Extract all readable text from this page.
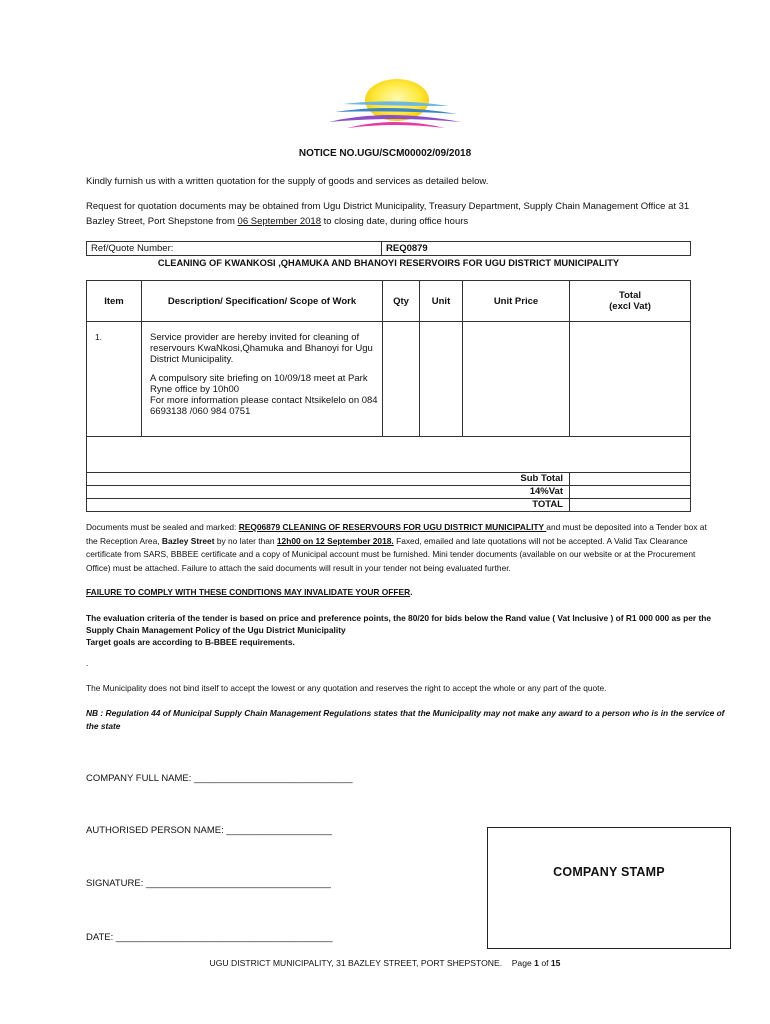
NOTICE NO.UGU/SCM00002/09/2018
Kindly furnish us with a written quotation for the supply of goods and services as detailed below.
Request for quotation documents may be obtained from Ugu District Municipality, Treasury Department, Supply Chain Management Office at 31 Bazley Street, Port Shepstone from 06 September 2018 to closing date, during office hours
Ref/Quote Number:	REQ0879
CLEANING OF KWANKOSI ,QHAMUKA AND BHANOYI RESERVOIRS FOR UGU DISTRICT MUNICIPALITY
Item	Description/ Specification/ Scope of Work	Qty	Unit	Unit Price	Total
(excl Vat)

1.	Service provider are hereby invited for cleaning of reservours KwaNkosi,Qhamuka and Bhanoyi for Ugu District Municipality.
A compulsory site briefing on 10/09/18 meet at Park Ryne office by 10h00
For more information please contact Ntsikelelo on 084 6693138 /060 984 0751				

Sub Total					
14%Vat					
TOTAL					
Documents must be sealed and marked: REQ06879 CLEANING OF RESERVOURS FOR UGU DISTRICT MUNICIPALITY and must be deposited into a Tender box at the Reception Area, Bazley Street by no later than 12h00 on 12 September 2018. Faxed, emailed and late quotations will not be accepted. A Valid Tax Clearance certificate from SARS, BBBEE certificate and a copy of Municipal account must be furnished. Mini tender documents (available on our website or at the Procurement Office) must be attached. Failure to attach the said documents will result in your tender not being evaluated further.
FAILURE TO COMPLY WITH THESE CONDITIONS MAY INVALIDATE YOUR OFFER.
The evaluation criteria of the tender is based on price and preference points, the 80/20 for bids below the Rand value ( Vat Inclusive ) of R1 000 000 as per the Supply Chain Management Policy of the Ugu District Municipality
Target goals are according to B-BBEE requirements.
.
The Municipality does not bind itself to accept the lowest or any quotation and reserves the right to accept the whole or any part of the quote.
NB : Regulation 44 of Municipal Supply Chain Management Regulations states that the Municipality may not make any award to a person who is in the service of the state
COMPANY FULL NAME: ______________________________
AUTHORISED PERSON NAME: ____________________
SIGNATURE: ___________________________________
DATE: _________________________________________
COMPANY STAMP
UGU DISTRICT MUNICIPALITY, 31 BAZLEY STREET, PORT SHEPSTONE. Page 1 of 15
